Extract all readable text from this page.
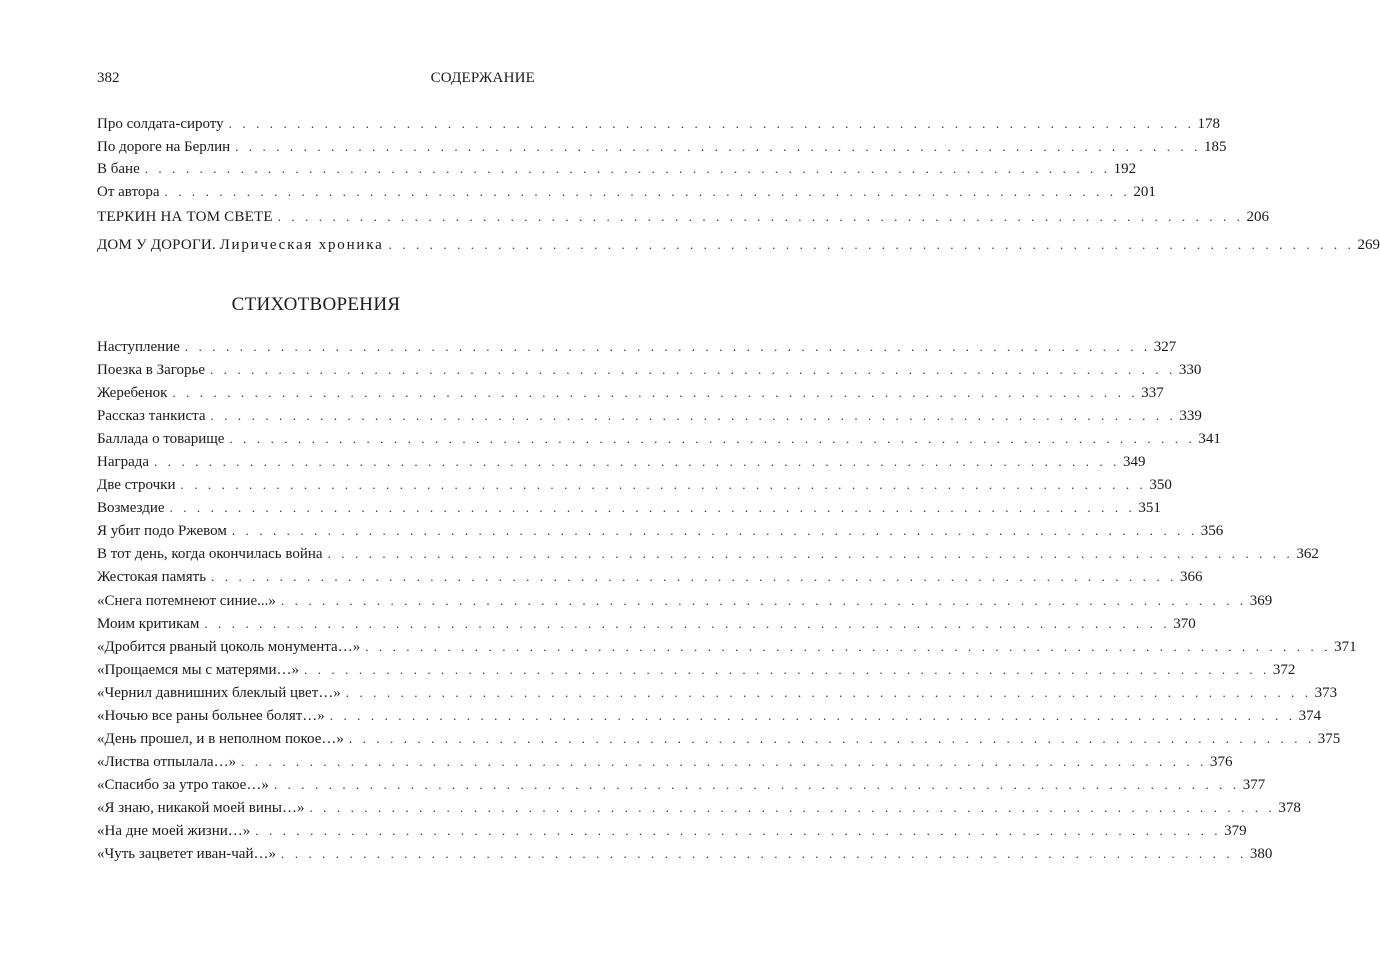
382	СОДЕРЖАНИЕ
Про солдата-сироту . . . . . . . . . . . . . . . . . . . . . . . . . . . . . . . . . . . . . . . . . . . . . . . . . . . . . . . . . . . . . . . . . . . . . . . 178
По дороге на Берлин . . . . . . . . . . . . . . . . . . . . . . . . . . . . . . . . . . . . . . . . . . . . . . . . . . . . . . . . . . . . . . . . . . . . . . . 185
В бане . . . . . . . . . . . . . . . . . . . . . . . . . . . . . . . . . . . . . . . . . . . . . . . . . . . . . . . . . . . . . . . . . . . . . . . 192
От автора . . . . . . . . . . . . . . . . . . . . . . . . . . . . . . . . . . . . . . . . . . . . . . . . . . . . . . . . . . . . . . . . . . . . . . . 201
ТЕРКИН НА ТОМ СВЕТЕ . . . . . . . . . . . . . . . . . . . . . . . . . . . . . . . . . . . . . . . . . . . . . . . . . . . . . . . . . . . . . . . . . . . . . . . 206
ДОМ У ДОРОГИ. Лирическая хроника . . . . . . . . . . . . . . . . . . . . . . . . . . . . . . . . . . . . . . . . . . . . . . . . . . . . . . . . . . . . . . . . . . . . . . . 269
СТИХОТВОРЕНИЯ
Наступление . . . . . . . . . . . . . . . . . . . . . . . . . . . . . . . . . . . . . . . . . . . . . . . . . . . . . . . . . . . . . . . . . . . . . . . 327
Поезка в Загорье . . . . . . . . . . . . . . . . . . . . . . . . . . . . . . . . . . . . . . . . . . . . . . . . . . . . . . . . . . . . . . . . . . . . . . . 330
Жеребенок . . . . . . . . . . . . . . . . . . . . . . . . . . . . . . . . . . . . . . . . . . . . . . . . . . . . . . . . . . . . . . . . . . . . . . . 337
Рассказ танкиста . . . . . . . . . . . . . . . . . . . . . . . . . . . . . . . . . . . . . . . . . . . . . . . . . . . . . . . . . . . . . . . . . . . . . . . 339
Баллада о товарище . . . . . . . . . . . . . . . . . . . . . . . . . . . . . . . . . . . . . . . . . . . . . . . . . . . . . . . . . . . . . . . . . . . . . . . 341
Награда . . . . . . . . . . . . . . . . . . . . . . . . . . . . . . . . . . . . . . . . . . . . . . . . . . . . . . . . . . . . . . . . . . . . . . . 349
Две строчки . . . . . . . . . . . . . . . . . . . . . . . . . . . . . . . . . . . . . . . . . . . . . . . . . . . . . . . . . . . . . . . . . . . . . . . 350
Возмездие . . . . . . . . . . . . . . . . . . . . . . . . . . . . . . . . . . . . . . . . . . . . . . . . . . . . . . . . . . . . . . . . . . . . . . . 351
Я убит подо Ржевом . . . . . . . . . . . . . . . . . . . . . . . . . . . . . . . . . . . . . . . . . . . . . . . . . . . . . . . . . . . . . . . . . . . . . . . 356
В тот день, когда окончилась война . . . . . . . . . . . . . . . . . . . . . . . . . . . . . . . . . . . . . . . . . . . . . . . . . . . . . . . . . . . . . . . . . . . . . . . 362
Жестокая память . . . . . . . . . . . . . . . . . . . . . . . . . . . . . . . . . . . . . . . . . . . . . . . . . . . . . . . . . . . . . . . . . . . . . . . 366
«Снега потемнеют синие...» . . . . . . . . . . . . . . . . . . . . . . . . . . . . . . . . . . . . . . . . . . . . . . . . . . . . . . . . . . . . . . . . . . . . . . . 369
Моим критикам . . . . . . . . . . . . . . . . . . . . . . . . . . . . . . . . . . . . . . . . . . . . . . . . . . . . . . . . . . . . . . . . . . . . . . . 370
«Дробится рваный цоколь монумента…» . . . . . . . . . . . . . . . . . . . . . . . . . . . . . . . . . . . . . . . . . . . . . . . . . . . . . . . . . . . . . . . . . . . . . . . 371
«Прощаемся мы с матерями…» . . . . . . . . . . . . . . . . . . . . . . . . . . . . . . . . . . . . . . . . . . . . . . . . . . . . . . . . . . . . . . . . . . . . . . . 372
«Чернил давнишних блеклый цвет…» . . . . . . . . . . . . . . . . . . . . . . . . . . . . . . . . . . . . . . . . . . . . . . . . . . . . . . . . . . . . . . . . . . . . . . . 373
«Ночью все раны больнее болят…» . . . . . . . . . . . . . . . . . . . . . . . . . . . . . . . . . . . . . . . . . . . . . . . . . . . . . . . . . . . . . . . . . . . . . . . 374
«День прошел, и в неполном покое…» . . . . . . . . . . . . . . . . . . . . . . . . . . . . . . . . . . . . . . . . . . . . . . . . . . . . . . . . . . . . . . . . . . . . . . . 375
«Листва отпылала…» . . . . . . . . . . . . . . . . . . . . . . . . . . . . . . . . . . . . . . . . . . . . . . . . . . . . . . . . . . . . . . . . . . . . . . . 376
«Спасибо за утро такое…» . . . . . . . . . . . . . . . . . . . . . . . . . . . . . . . . . . . . . . . . . . . . . . . . . . . . . . . . . . . . . . . . . . . . . . . 377
«Я знаю, никакой моей вины…» . . . . . . . . . . . . . . . . . . . . . . . . . . . . . . . . . . . . . . . . . . . . . . . . . . . . . . . . . . . . . . . . . . . . . . . 378
«На дне моей жизни…» . . . . . . . . . . . . . . . . . . . . . . . . . . . . . . . . . . . . . . . . . . . . . . . . . . . . . . . . . . . . . . . . . . . . . . . 379
«Чуть зацветет иван-чай…» . . . . . . . . . . . . . . . . . . . . . . . . . . . . . . . . . . . . . . . . . . . . . . . . . . . . . . . . . . . . . . . . . . . . . . . 380
